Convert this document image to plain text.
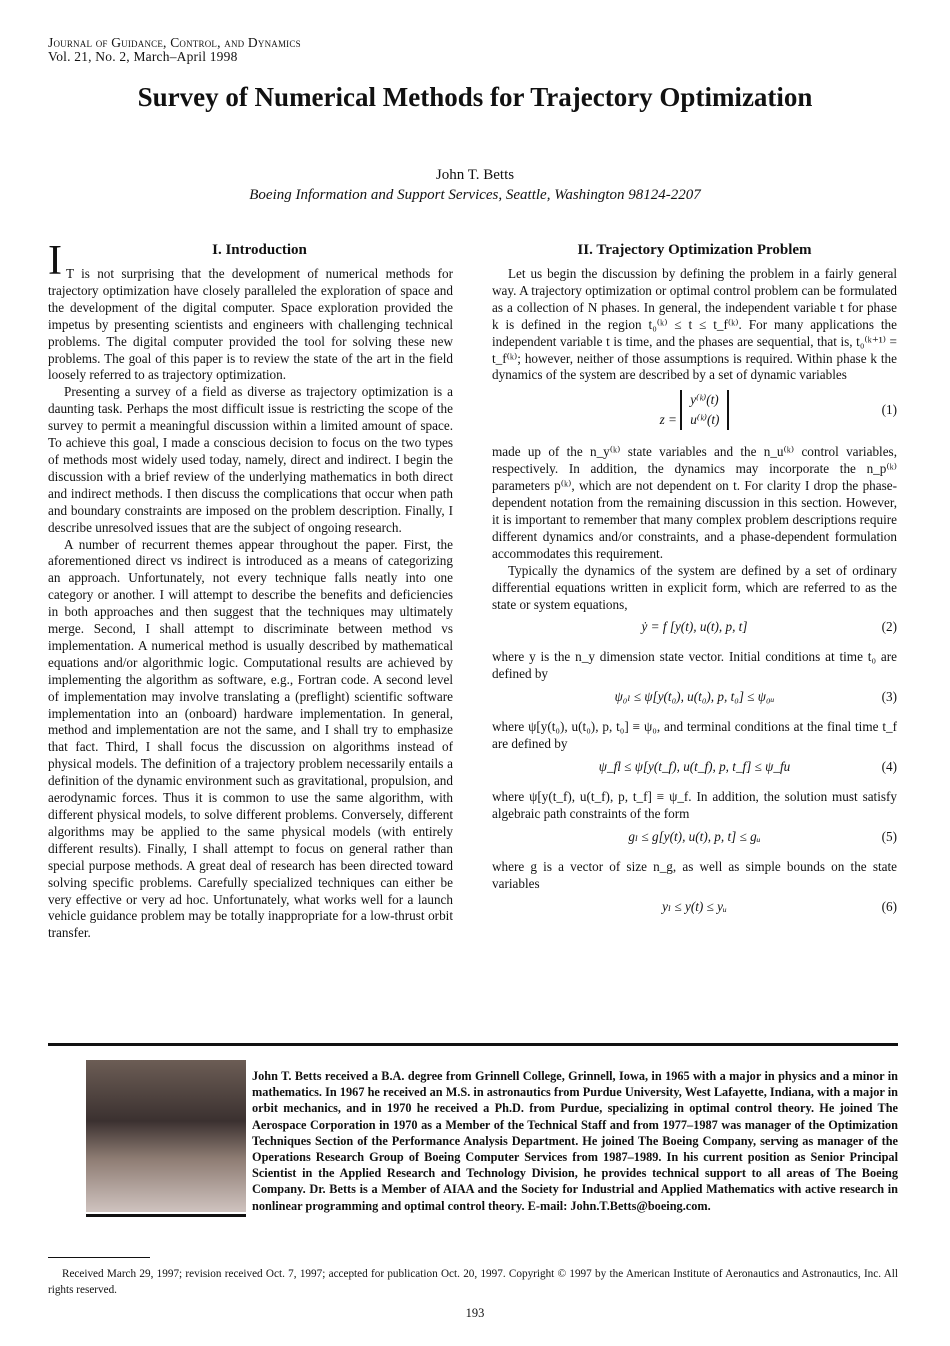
Journal of Guidance, Control, and Dynamics
Vol. 21, No. 2, March–April 1998
Survey of Numerical Methods for Trajectory Optimization
John T. Betts
Boeing Information and Support Services, Seattle, Washington 98124-2207
I	I. Introduction

T is not surprising that the development of numerical methods for trajectory optimization have closely paralleled the exploration of space and the development of the digital computer. Space exploration provided the impetus by presenting scientists and engineers with challenging technical problems. The digital computer provided the tool for solving these new problems. The goal of this paper is to review the state of the art in the field loosely referred to as trajectory optimization.

Presenting a survey of a field as diverse as trajectory optimization is a daunting task. Perhaps the most difficult issue is restricting the scope of the survey to permit a meaningful discussion within a limited amount of space. To achieve this goal, I made a conscious decision to focus on the two types of methods most widely used today, namely, direct and indirect. I begin the discussion with a brief review of the underlying mathematics in both direct and indirect methods. I then discuss the complications that occur when path and boundary constraints are imposed on the problem description. Finally, I describe unresolved issues that are the subject of ongoing research.

A number of recurrent themes appear throughout the paper. First, the aforementioned direct vs indirect is introduced as a means of categorizing an approach. Unfortunately, not every technique falls neatly into one category or another. I will attempt to describe the benefits and deficiencies in both approaches and then suggest that the techniques may ultimately merge. Second, I shall attempt to discriminate between method vs implementation. A numerical method is usually described by mathematical equations and/or algorithmic logic. Computational results are achieved by implementing the algorithm as software, e.g., Fortran code. A second level of implementation may involve translating a (preflight) scientific software implementation into an (onboard) hardware implementation. In general, method and implementation are not the same, and I shall try to emphasize that fact. Third, I shall focus the discussion on algorithms instead of physical models. The definition of a trajectory problem necessarily entails a definition of the dynamic environment such as gravitational, propulsion, and aerodynamic forces. Thus it is common to use the same algorithm, with different physical models, to solve different problems. Conversely, different algorithms may be applied to the same physical models (with entirely different results). Finally, I shall attempt to focus on general rather than special purpose methods. A great deal of research has been directed toward solving specific problems. Carefully specialized techniques can either be very effective or very ad hoc. Unfortunately, what works well for a launch vehicle guidance problem may be totally inappropriate for a low-thrust orbit transfer.

II. Trajectory Optimization Problem

Let us begin the discussion by defining the problem in a fairly general way. A trajectory optimization or optimal control problem can be formulated as a collection of N phases. In general, the independent variable t for phase k is defined in the region t₀⁽ᵏ⁾ ≤ t ≤ t_f⁽ᵏ⁾. For many applications the independent variable t is time, and the phases are sequential, that is, t₀⁽ᵏ⁺¹⁾ = t_f⁽ᵏ⁾; however, neither of those assumptions is required. Within phase k the dynamics of the system are described by a set of dynamic variables

z = y⁽ᵏ⁾(t)
u⁽ᵏ⁾(t)
(1)

made up of the n_y⁽ᵏ⁾ state variables and the n_u⁽ᵏ⁾ control variables, respectively. In addition, the dynamics may incorporate the n_p⁽ᵏ⁾ parameters p⁽ᵏ⁾, which are not dependent on t. For clarity I drop the phase-dependent notation from the remaining discussion in this section. However, it is important to remember that many complex problem descriptions require different dynamics and/or constraints, and a phase-dependent formulation accommodates this requirement.

Typically the dynamics of the system are defined by a set of ordinary differential equations written in explicit form, which are referred to as the state or system equations,

ẏ = f [y(t), u(t), p, t]	(2)

where y is the n_y dimension state vector. Initial conditions at time t₀ are defined by

ψ₀ₗ ≤ ψ[y(t₀), u(t₀), p, t₀] ≤ ψ₀ᵤ	(3)

where ψ[y(t₀), u(t₀), p, t₀] ≡ ψ₀, and terminal conditions at the final time t_f are defined by

ψ_fl ≤ ψ[y(t_f), u(t_f), p, t_f] ≤ ψ_fu	(4)

where ψ[y(t_f), u(t_f), p, t_f] ≡ ψ_f. In addition, the solution must satisfy algebraic path constraints of the form

gₗ ≤ g[y(t), u(t), p, t] ≤ gᵤ	(5)

where g is a vector of size n_g, as well as simple bounds on the state variables

yₗ ≤ y(t) ≤ yᵤ	(6)
John T. Betts received a B.A. degree from Grinnell College, Grinnell, Iowa, in 1965 with a major in physics and a minor in mathematics. In 1967 he received an M.S. in astronautics from Purdue University, West Lafayette, Indiana, with a major in orbit mechanics, and in 1970 he received a Ph.D. from Purdue, specializing in optimal control theory. He joined The Aerospace Corporation in 1970 as a Member of the Technical Staff and from 1977–1987 was manager of the Optimization Techniques Section of the Performance Analysis Department. He joined The Boeing Company, serving as manager of the Operations Research Group of Boeing Computer Services from 1987–1989. In his current position as Senior Principal Scientist in the Applied Research and Technology Division, he provides technical support to all areas of The Boeing Company. Dr. Betts is a Member of AIAA and the Society for Industrial and Applied Mathematics with active research in nonlinear programming and optimal control theory. E-mail: John.T.Betts@boeing.com.
Received March 29, 1997; revision received Oct. 7, 1997; accepted for publication Oct. 20, 1997. Copyright © 1997 by the American Institute of Aeronautics and Astronautics, Inc. All rights reserved.
193
